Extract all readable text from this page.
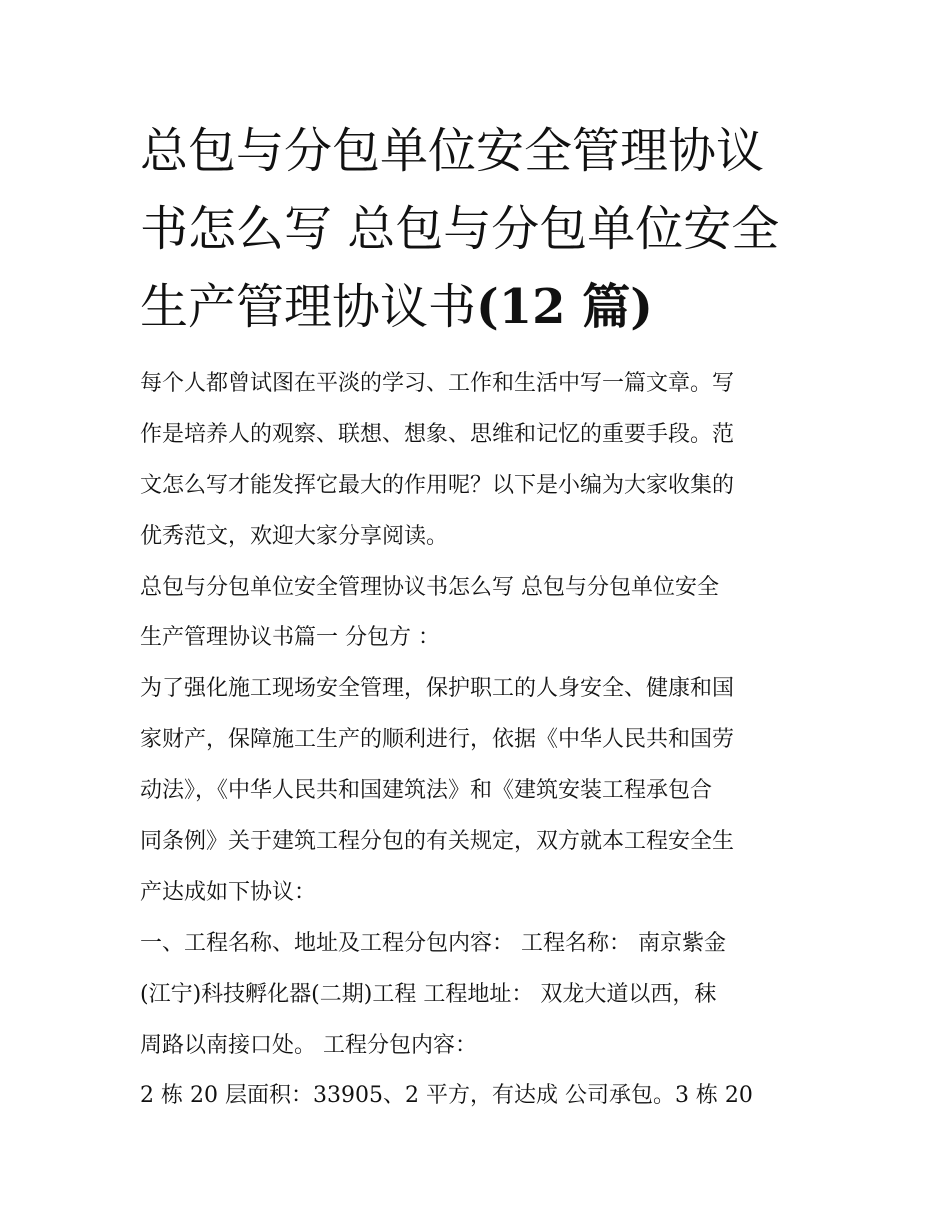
总包与分包单位安全管理协议
书怎么写 总包与分包单位安全
生产管理协议书(12 篇)
每个人都曾试图在平淡的学习、工作和生活中写一篇文章。写
作是培养人的观察、联想、想象、思维和记忆的重要手段。范
文怎么写才能发挥它最大的作用呢？以下是小编为大家收集的
优秀范文，欢迎大家分享阅读。
总包与分包单位安全管理协议书怎么写 总包与分包单位安全
生产管理协议书篇一 分包方 ：
为了强化施工现场安全管理，保护职工的人身安全、健康和国
家财产，保障施工生产的顺利进行，依据《中华人民共和国劳
动法》，《中华人民共和国建筑法》和《建筑安装工程承包合
同条例》关于建筑工程分包的有关规定，双方就本工程安全生
产达成如下协议：
一、工程名称、地址及工程分包内容： 工程名称： 南京紫金
(江宁)科技孵化器(二期)工程 工程地址： 双龙大道以西，秣
周路以南接口处。 工程分包内容：
2 栋 20 层面积：33905、2 平方，有达成 公司承包。3 栋 20
